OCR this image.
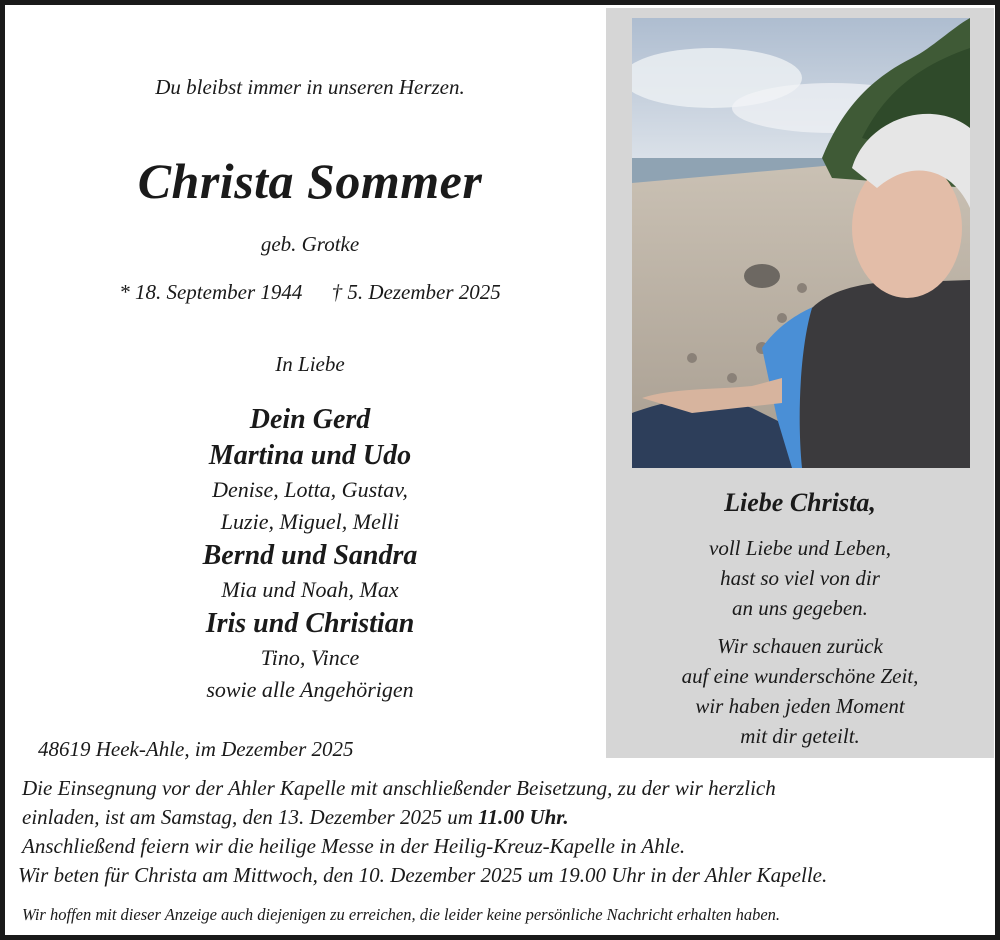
Du bleibst immer in unseren Herzen.
Christa Sommer
geb. Grotke
* 18. September 1944 † 5. Dezember 2025
In Liebe
Dein Gerd
Martina und Udo
Denise, Lotta, Gustav,
Luzie, Miguel, Melli
Bernd und Sandra
Mia und Noah, Max
Iris und Christian
Tino, Vince
sowie alle Angehörigen
48619 Heek-Ahle, im Dezember 2025
Liebe Christa,
voll Liebe und Leben,
hast so viel von dir
an uns gegeben.
Wir schauen zurück
auf eine wunderschöne Zeit,
wir haben jeden Moment
mit dir geteilt.
Die Einsegnung vor der Ahler Kapelle mit anschließender Beisetzung, zu der wir herzlich
einladen, ist am Samstag, den 13. Dezember 2025 um 11.00 Uhr.
Anschließend feiern wir die heilige Messe in der Heilig-Kreuz-Kapelle in Ahle.
Wir beten für Christa am Mittwoch, den 10. Dezember 2025 um 19.00 Uhr in der Ahler Kapelle.
Wir hoffen mit dieser Anzeige auch diejenigen zu erreichen, die leider keine persönliche Nachricht erhalten haben.
